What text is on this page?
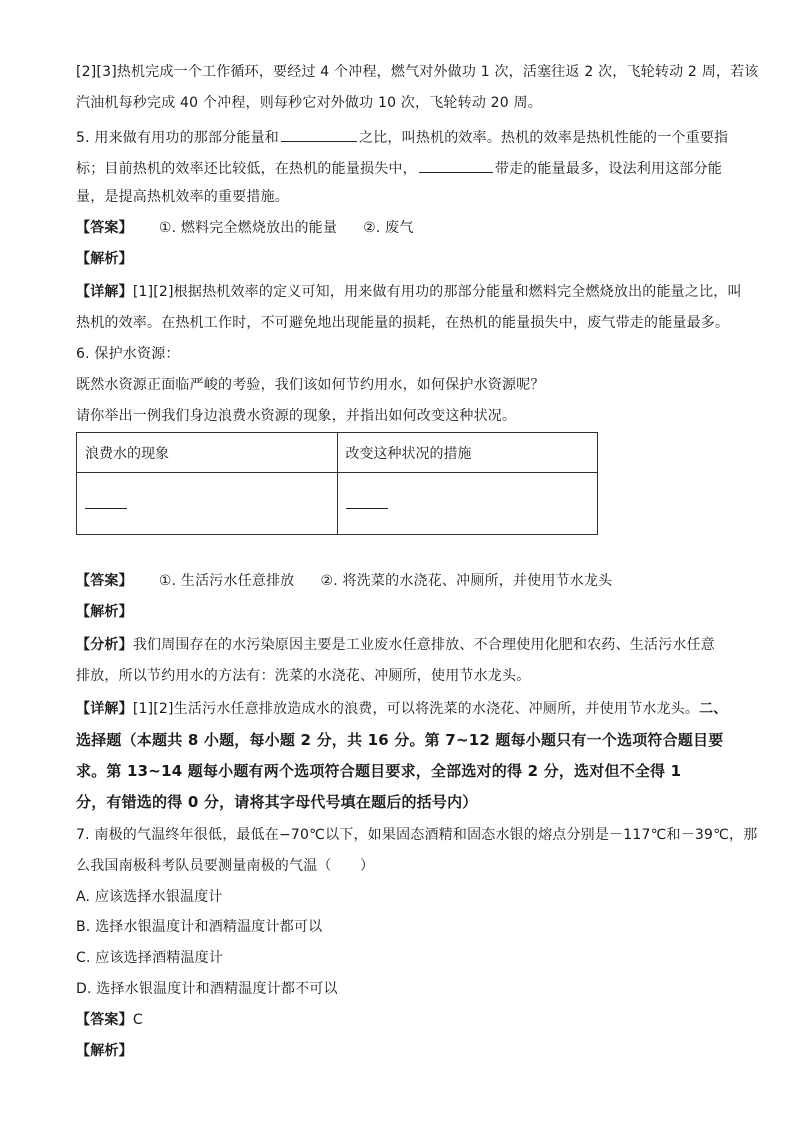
[2][3]热机完成一个工作循环，要经过 4 个冲程，燃气对外做功 1 次，活塞往返 2 次，飞轮转动 2 周，若该
汽油机每秒完成 40 个冲程，则每秒它对外做功 10 次，飞轮转动 20 周。
5. 用来做有用功的那部分能量和	之比，叫热机的效率。热机的效率是热机性能的一个重要指
标；目前热机的效率还比较低，在热机的能量损失中，	带走的能量最多，设法利用这部分能
量，是提高热机效率的重要措施。
【答案】 ①. 燃料完全燃烧放出的能量 ②. 废气
【解析】
【详解】[1][2]根据热机效率的定义可知，用来做有用功的那部分能量和燃料完全燃烧放出的能量之比，叫
热机的效率。在热机工作时，不可避免地出现能量的损耗，在热机的能量损失中，废气带走的能量最多。
6. 保护水资源：
既然水资源正面临严峻的考验，我们该如何节约用水，如何保护水资源呢？
请你举出一例我们身边浪费水资源的现象，并指出如何改变这种状况。
浪费水的现象	改变这种状况的措施

【答案】 ①. 生活污水任意排放 ②. 将洗菜的水浇花、冲厕所，并使用节水龙头
【解析】
【分析】我们周围存在的水污染原因主要是工业废水任意排放、不合理使用化肥和农药、生活污水任意
排放，所以节约用水的方法有：洗菜的水浇花、冲厕所，使用节水龙头。
【详解】[1][2]生活污水任意排放造成水的浪费，可以将洗菜的水浇花、冲厕所，并使用节水龙头。二、
选择题（本题共 8 小题，每小题 2 分，共 16 分。第 7~12 题每小题只有一个选项符合题目要
求。第 13~14 题每小题有两个选项符合题目要求，全部选对的得 2 分，选对但不全得 1
分，有错选的得 0 分，请将其字母代号填在题后的括号内）
7. 南极的气温终年很低，最低在−70℃以下，如果固态酒精和固态水银的熔点分别是－117℃和－39℃，那
么我国南极科考队员要测量南极的气温（　　）
A. 应该选择水银温度计
B. 选择水银温度计和酒精温度计都可以
C. 应该选择酒精温度计
D. 选择水银温度计和酒精温度计都不可以
【答案】C
【解析】
